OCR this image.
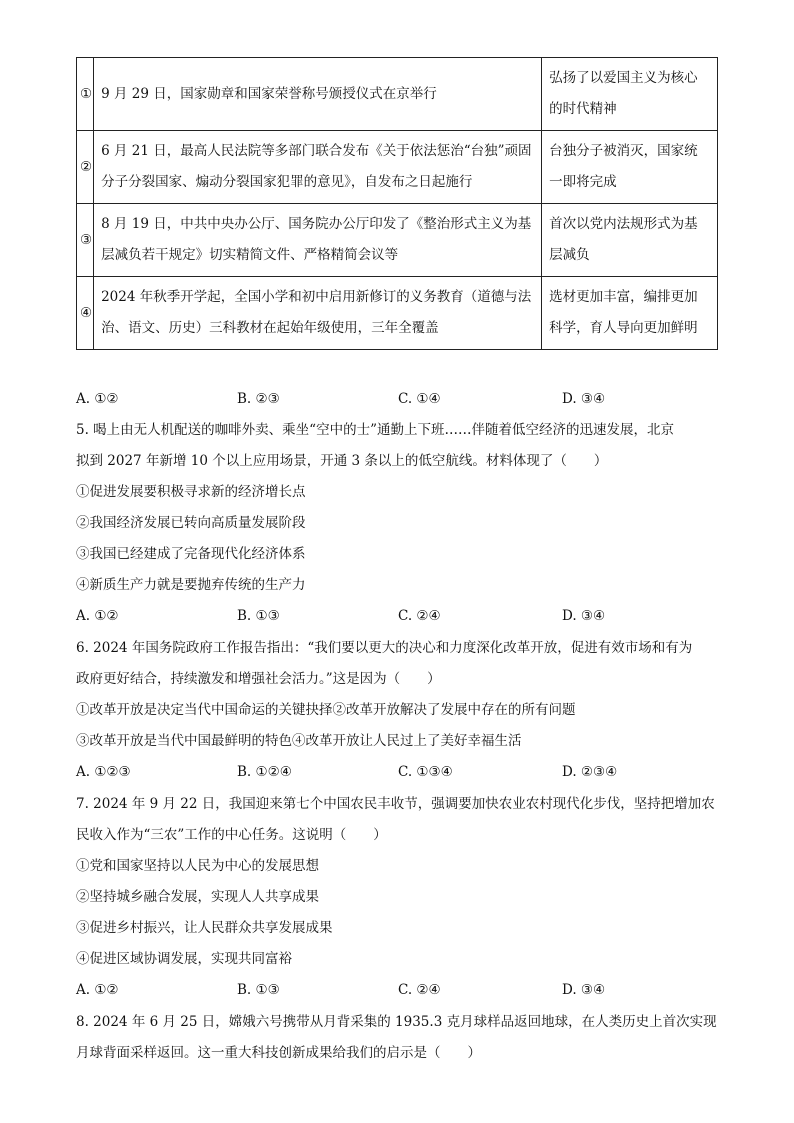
①	9 月 29 日，国家勋章和国家荣誉称号颁授仪式在京举行	弘扬了以爱国主义为核心的时代精神
②	6 月 21 日，最高人民法院等多部门联合发布《关于依法惩治“台独”顽固分子分裂国家、煽动分裂国家犯罪的意见》，自发布之日起施行	台独分子被消灭，国家统一即将完成
③	8 月 19 日，中共中央办公厅、国务院办公厅印发了《整治形式主义为基层减负若干规定》切实精简文件、严格精简会议等	首次以党内法规形式为基层减负
④	2024 年秋季开学起，全国小学和初中启用新修订的义务教育（道德与法治、语文、历史）三科教材在起始年级使用，三年全覆盖	选材更加丰富，编排更加科学，育人导向更加鲜明
A. ①②	B. ②③	C. ①④	D. ③④
5. 喝上由无人机配送的咖啡外卖、乘坐“空中的士”通勤上下班……伴随着低空经济的迅速发展，北京
拟到 2027 年新增 10 个以上应用场景，开通 3 条以上的低空航线。材料体现了（　　）
①促进发展要积极寻求新的经济增长点
②我国经济发展已转向高质量发展阶段
③我国已经建成了完备现代化经济体系
④新质生产力就是要抛弃传统的生产力
A. ①②	B. ①③	C. ②④	D. ③④
6. 2024 年国务院政府工作报告指出：“我们要以更大的决心和力度深化改革开放，促进有效市场和有为
政府更好结合，持续激发和增强社会活力。”这是因为（　　）
①改革开放是决定当代中国命运的关键抉择②改革开放解决了发展中存在的所有问题
③改革开放是当代中国最鲜明的特色④改革开放让人民过上了美好幸福生活
A. ①②③	B. ①②④	C. ①③④	D. ②③④
7. 2024 年 9 月 22 日，我国迎来第七个中国农民丰收节，强调要加快农业农村现代化步伐，坚持把增加农
民收入作为“三农”工作的中心任务。这说明（　　）
①党和国家坚持以人民为中心的发展思想
②坚持城乡融合发展，实现人人共享成果
③促进乡村振兴，让人民群众共享发展成果
④促进区域协调发展，实现共同富裕
A. ①②	B. ①③	C. ②④	D. ③④
8. 2024 年 6 月 25 日，嫦娥六号携带从月背采集的 1935.3 克月球样品返回地球，在人类历史上首次实现
月球背面采样返回。这一重大科技创新成果给我们的启示是（　　）
